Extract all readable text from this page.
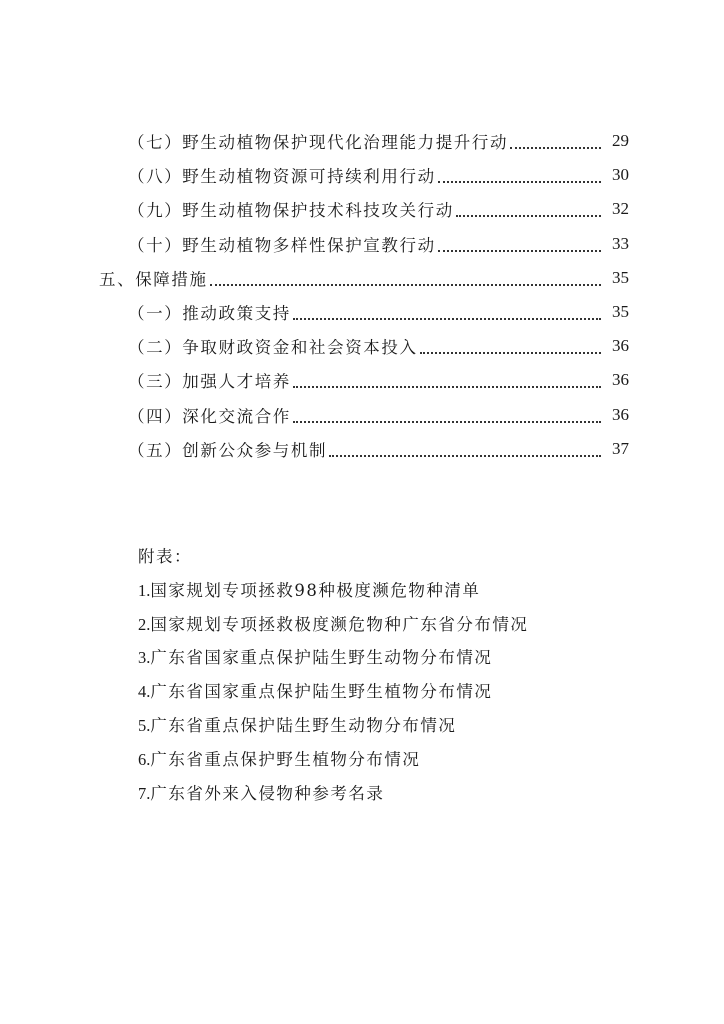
（七）野生动植物保护现代化治理能力提升行动	29
（八）野生动植物资源可持续利用行动	30
（九）野生动植物保护技术科技攻关行动	32
（十）野生动植物多样性保护宣教行动	33
五、保障措施	35
（一）推动政策支持	35
（二）争取财政资金和社会资本投入	36
（三）加强人才培养	36
（四）深化交流合作	36
（五）创新公众参与机制	37
附表：
1.国家规划专项拯救98种极度濒危物种清单
2.国家规划专项拯救极度濒危物种广东省分布情况
3.广东省国家重点保护陆生野生动物分布情况
4.广东省国家重点保护陆生野生植物分布情况
5.广东省重点保护陆生野生动物分布情况
6.广东省重点保护野生植物分布情况
7.广东省外来入侵物种参考名录
